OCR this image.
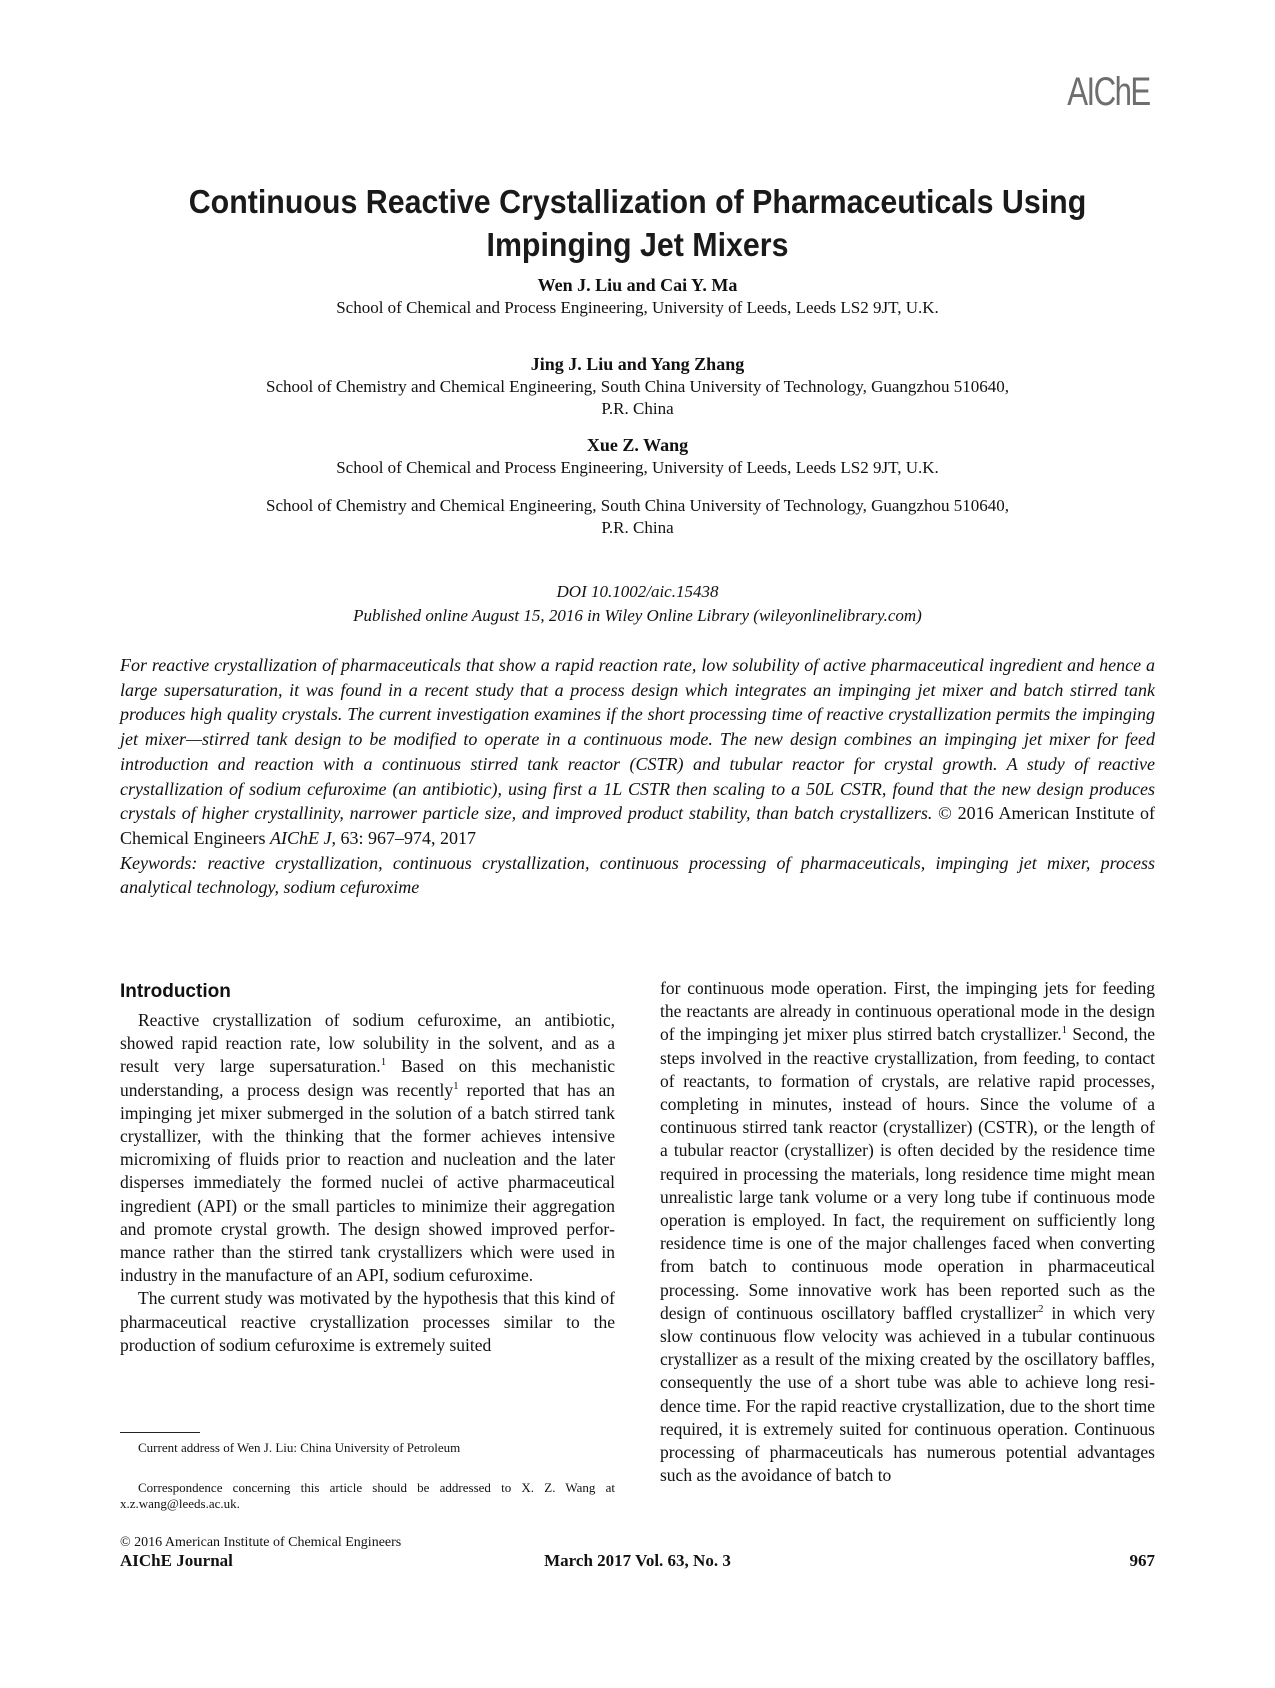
AIChE
Continuous Reactive Crystallization of Pharmaceuticals Using Impinging Jet Mixers
Wen J. Liu and Cai Y. Ma
School of Chemical and Process Engineering, University of Leeds, Leeds LS2 9JT, U.K.
Jing J. Liu and Yang Zhang
School of Chemistry and Chemical Engineering, South China University of Technology, Guangzhou 510640,
P.R. China
Xue Z. Wang
School of Chemical and Process Engineering, University of Leeds, Leeds LS2 9JT, U.K.
School of Chemistry and Chemical Engineering, South China University of Technology, Guangzhou 510640,
P.R. China
DOI 10.1002/aic.15438
Published online August 15, 2016 in Wiley Online Library (wileyonlinelibrary.com)

For reactive crystallization of pharmaceuticals that show a rapid reaction rate, low solubility of active pharmaceutical ingredient and hence a large supersaturation, it was found in a recent study that a process design which integrates an impinging jet mixer and batch stirred tank produces high quality crystals. The current investigation examines if the short processing time of reactive crystallization permits the impinging jet mixer—stirred tank design to be modified to operate in a continuous mode. The new design combines an impinging jet mixer for feed introduction and reaction with a continuous stirred tank reactor (CSTR) and tubular reactor for crystal growth. A study of reactive crystallization of sodium cefuroxime (an antibiotic), using first a 1L CSTR then scaling to a 50L CSTR, found that the new design produces crystals of higher crystallinity, narrower particle size, and improved product stability, than batch crystallizers. © 2016 American Institute of Chemical Engineers AIChE J, 63: 967–974, 2017

Keywords: reactive crystallization, continuous crystallization, continuous processing of pharmaceuticals, impinging jet mixer, process analytical technology, sodium cefuroxime

Introduction

Reactive crystallization of sodium cefuroxime, an antibiotic, showed rapid reaction rate, low solubility in the solvent, and as a result very large supersaturation.$^1$ Based on this mechanistic understanding, a process design was recently$^1$ reported that has an impinging jet mixer submerged in the solution of a batch stirred tank crystallizer, with the thinking that the former achieves intensive micromixing of fluids prior to reaction and nucleation and the later disperses immediately the formed nuclei of active pharmaceutical ingredient (API) or the small particles to minimize their aggregation and promote crystal growth. The design showed improved performance rather than the stirred tank crystallizers which were used in industry in the manufacture of an API, sodium cefuroxime.

The current study was motivated by the hypothesis that this kind of pharmaceutical reactive crystallization processes similar to the production of sodium cefuroxime is extremely suited

for continuous mode operation. First, the impinging jets for feeding the reactants are already in continuous operational mode in the design of the impinging jet mixer plus stirred batch crystallizer.$^1$ Second, the steps involved in the reactive crystallization, from feeding, to contact of reactants, to formation of crystals, are relative rapid processes, completing in minutes, instead of hours. Since the volume of a continuous stirred tank reactor (crystallizer) (CSTR), or the length of a tubular reactor (crystallizer) is often decided by the residence time required in processing the materials, long residence time might mean unrealistic large tank volume or a very long tube if continuous mode operation is employed. In fact, the requirement on sufficiently long residence time is one of the major challenges faced when converting from batch to continuous mode operation in pharmaceutical processing. Some innovative work has been reported such as the design of continuous oscillatory baffled crystallizer$^2$ in which very slow continuous flow velocity was achieved in a tubular continuous crystallizer as a result of the mixing created by the oscillatory baffles, consequently the use of a short tube was able to achieve long residence time. For the rapid reactive crystallization, due to the short time required, it is extremely suited for continuous operation. Continuous processing of pharmaceuticals has numerous potential advantages such as the avoidance of batch to

Current address of Wen J. Liu: China University of Petroleum

Correspondence concerning this article should be addressed to X. Z. Wang at x.z.wang@leeds.ac.uk.

© 2016 American Institute of Chemical Engineers

AIChE Journal	March 2017 Vol. 63, No. 3	967
